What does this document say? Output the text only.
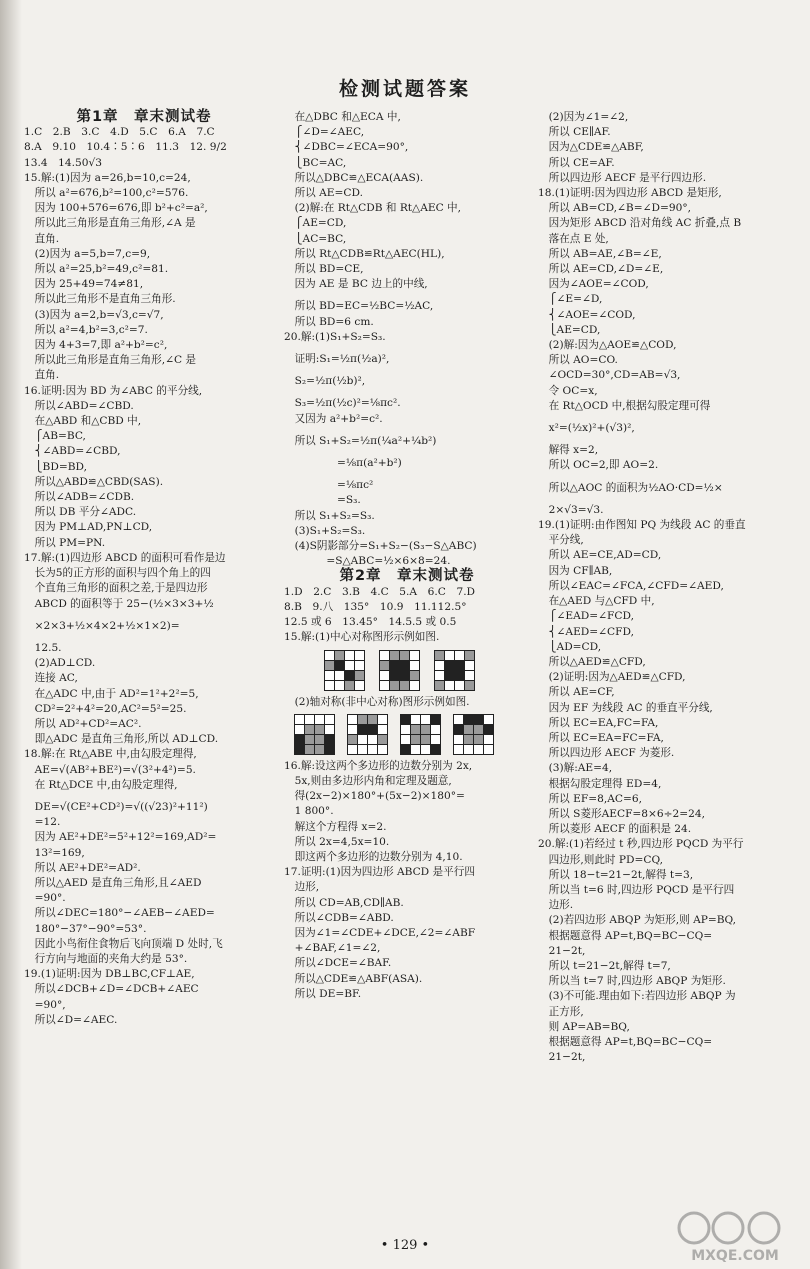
检测试题答案

第1章　章末测试卷

1.C　2.B　3.C　4.D　5.C　6.A　7.C

8.A　9.10　10.4∶5∶6　11.3　12. 9/2

13.4　14.50√3

15.解:(1)因为 a=26,b=10,c=24,

　所以 a²=676,b²=100,c²=576.

　因为 100+576=676,即 b²+c²=a²,

　所以此三角形是直角三角形,∠A 是

　直角.

　(2)因为 a=5,b=7,c=9,

　所以 a²=25,b²=49,c²=81.

　因为 25+49=74≠81,

　所以此三角形不是直角三角形.

　(3)因为 a=2,b=√3,c=√7,

　所以 a²=4,b²=3,c²=7.

　因为 4+3=7,即 a²+b²=c²,

　所以此三角形是直角三角形,∠C 是

　直角.

16.证明:因为 BD 为∠ABC 的平分线,

　所以∠ABD=∠CBD.

　在△ABD 和△CBD 中,

　⎧AB=BC,

　⎨∠ABD=∠CBD,

　⎩BD=BD,

　所以△ABD≌△CBD(SAS).

　所以∠ADB=∠CDB.

　所以 DB 平分∠ADC.

　因为 PM⊥AD,PN⊥CD,

　所以 PM=PN.

17.解:(1)四边形 ABCD 的面积可看作是边

　长为5的正方形的面积与四个角上的四

　个直角三角形的面积之差,于是四边形

　ABCD 的面积等于 25−(½×3×3+½

　×2×3+½×4×2+½×1×2)=

　12.5.

　(2)AD⊥CD.

　连接 AC,

　在△ADC 中,由于 AD²=1²+2²=5,

　CD²=2²+4²=20,AC²=5²=25.

　所以 AD²+CD²=AC².

　即△ADC 是直角三角形,所以 AD⊥CD.

18.解:在 Rt△ABE 中,由勾股定理得,

　AE=√(AB²+BE²)=√(3²+4²)=5.

　在 Rt△DCE 中,由勾股定理得,

　DE=√(CE²+CD²)=√((√23)²+11²)

　=12.

　因为 AE²+DE²=5²+12²=169,AD²=

　13²=169,

　所以 AE²+DE²=AD².

　所以△AED 是直角三角形,且∠AED

　=90°.

　所以∠DEC=180°−∠AEB−∠AED=

　180°−37°−90°=53°.

　因此小鸟衔住食物后飞向顶端 D 处时,飞

　行方向与地面的夹角大约是 53°.

19.(1)证明:因为 DB⊥BC,CF⊥AE,

　所以∠DCB+∠D=∠DCB+∠AEC

　=90°,

　所以∠D=∠AEC.

　在△DBC 和△ECA 中,

　⎧∠D=∠AEC,

　⎨∠DBC=∠ECA=90°,

　⎩BC=AC,

　所以△DBC≌△ECA(AAS).

　所以 AE=CD.

　(2)解:在 Rt△CDB 和 Rt△AEC 中,

　⎧AE=CD,

　⎩AC=BC,

　所以 Rt△CDB≌Rt△AEC(HL),

　所以 BD=CE,

　因为 AE 是 BC 边上的中线,

　所以 BD=EC=½BC=½AC,

　所以 BD=6 cm.

20.解:(1)S₁+S₂=S₃.

　证明:S₁=½π(½a)²,

　S₂=½π(½b)²,

　S₃=½π(½c)²=⅛πc².

　又因为 a²+b²=c².

　所以 S₁+S₂=½π(¼a²+¼b²)

　　　　　=⅛π(a²+b²)

　　　　　=⅛πc²

　　　　　=S₃.

　所以 S₁+S₂=S₃.

　(3)S₁+S₂=S₃.

　(4)S阴影部分=S₁+S₂−(S₃−S△ABC)

　　　　=S△ABC=½×6×8=24.

第2章　章末测试卷

1.D　2.C　3.B　4.C　5.A　6.C　7.D

8.B　9.八　135°　10.9　11.112.5°

12.5 或 6　13.45°　14.5.5 或 0.5

15.解:(1)中心对称图形示例如图.

　(2)轴对称(非中心对称)图形示例如图.

16.解:设这两个多边形的边数分别为 2x,

　5x,则由多边形内角和定理及题意,

　得(2x−2)×180°+(5x−2)×180°=

　1 800°.

　解这个方程得 x=2.

　所以 2x=4,5x=10.

　即这两个多边形的边数分别为 4,10.

17.证明:(1)因为四边形 ABCD 是平行四

　边形,

　所以 CD=AB,CD∥AB.

　所以∠CDB=∠ABD.

　因为∠1=∠CDE+∠DCE,∠2=∠ABF

　+∠BAF,∠1=∠2,

　所以∠DCE=∠BAF.

　所以△CDE≌△ABF(ASA).

　所以 DE=BF.

　(2)因为∠1=∠2,

　所以 CE∥AF.

　因为△CDE≌△ABF,

　所以 CE=AF.

　所以四边形 AECF 是平行四边形.

18.(1)证明:因为四边形 ABCD 是矩形,

　所以 AB=CD,∠B=∠D=90°,

　因为矩形 ABCD 沿对角线 AC 折叠,点 B

　落在点 E 处,

　所以 AB=AE,∠B=∠E,

　所以 AE=CD,∠D=∠E,

　因为∠AOE=∠COD,

　⎧∠E=∠D,

　⎨∠AOE=∠COD,

　⎩AE=CD,

　(2)解:因为△AOE≌△COD,

　所以 AO=CO.

　∠OCD=30°,CD=AB=√3,

　令 OC=x,

　在 Rt△OCD 中,根据勾股定理可得

　x²=(½x)²+(√3)²,

　解得 x=2,

　所以 OC=2,即 AO=2.

　所以△AOC 的面积为½AO·CD=½×

　2×√3=√3.

19.(1)证明:由作图知 PQ 为线段 AC 的垂直

　平分线,

　所以 AE=CE,AD=CD,

　因为 CF∥AB,

　所以∠EAC=∠FCA,∠CFD=∠AED,

　在△AED 与△CFD 中,

　⎧∠EAD=∠FCD,

　⎨∠AED=∠CFD,

　⎩AD=CD,

　所以△AED≌△CFD,

　(2)证明:因为△AED≌△CFD,

　所以 AE=CF,

　因为 EF 为线段 AC 的垂直平分线,

　所以 EC=EA,FC=FA,

　所以 EC=EA=FC=FA,

　所以四边形 AECF 为菱形.

　(3)解:AE=4,

　根据勾股定理得 ED=4,

　所以 EF=8,AC=6,

　所以 S菱形AECF=8×6÷2=24,

　所以菱形 AECF 的面积是 24.

20.解:(1)若经过 t 秒,四边形 PQCD 为平行

　四边形,则此时 PD=CQ,

　所以 18−t=21−2t,解得 t=3,

　所以当 t=6 时,四边形 PQCD 是平行四

　边形.

　(2)若四边形 ABQP 为矩形,则 AP=BQ,

　根据题意得 AP=t,BQ=BC−CQ=

　21−2t,

　所以 t=21−2t,解得 t=7,

　所以当 t=7 时,四边形 ABQP 为矩形.

　(3)不可能.理由如下:若四边形 ABQP 为

　正方形,

　则 AP=AB=BQ,

　根据题意得 AP=t,BQ=BC−CQ=

　21−2t,

• 129 •
MXQE.COM
